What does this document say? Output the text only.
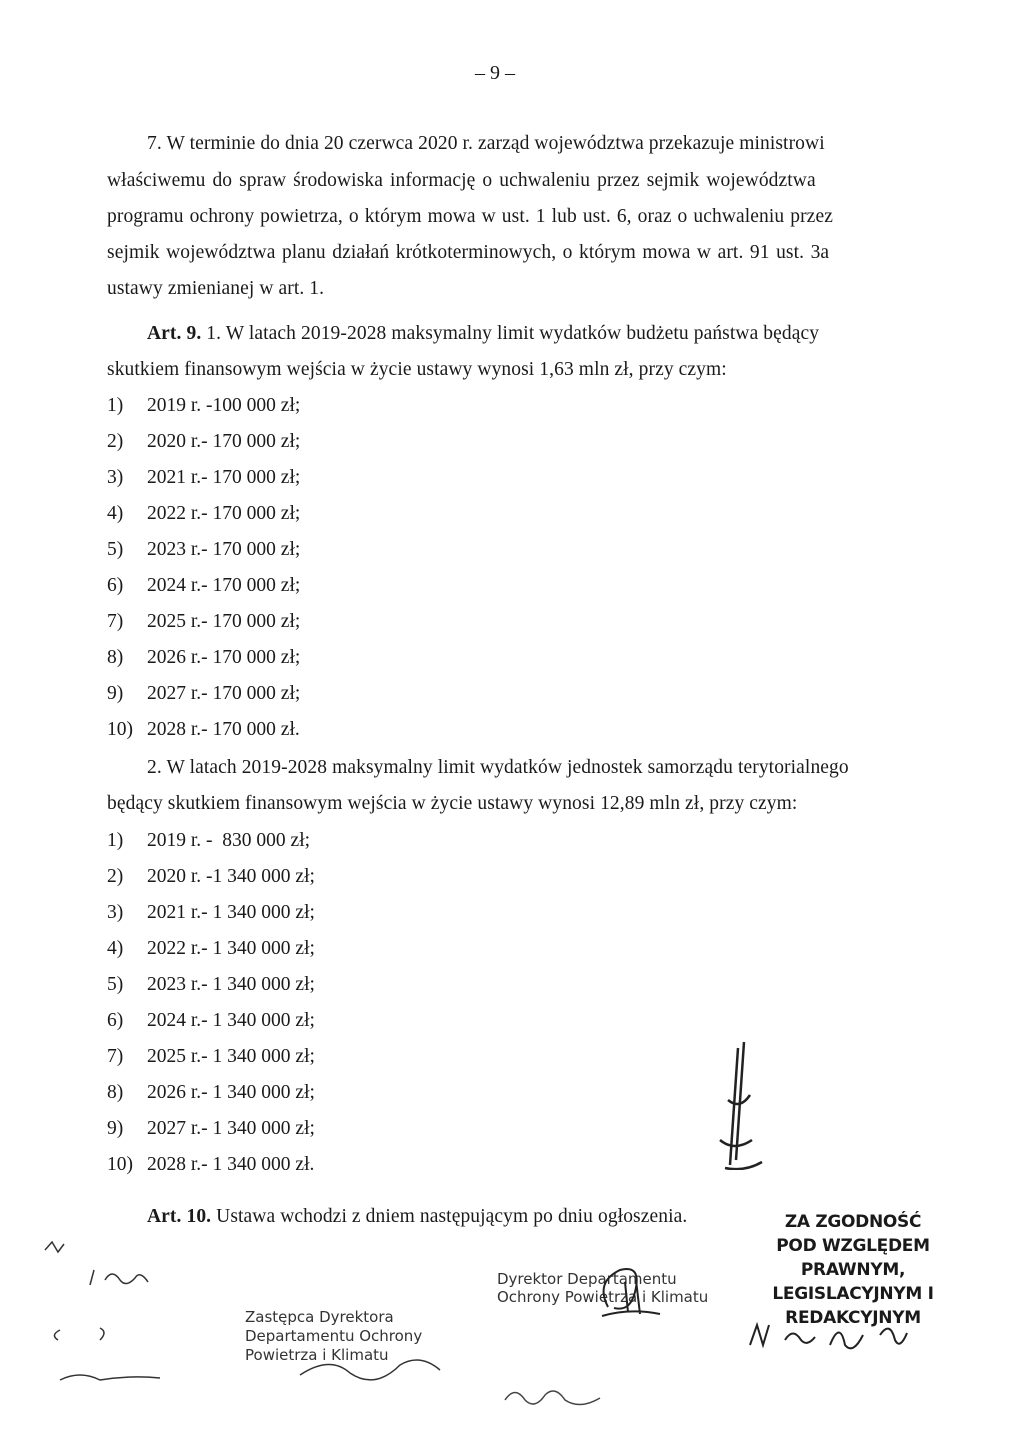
– 9 –
7. W terminie do dnia 20 czerwca 2020 r. zarząd województwa przekazuje ministrowi
właściwemu do spraw środowiska informację o uchwaleniu przez sejmik województwa
programu ochrony powietrza, o którym mowa w ust. 1 lub ust. 6, oraz o uchwaleniu przez
sejmik województwa planu działań krótkoterminowych, o którym mowa w art. 91 ust. 3a
ustawy zmienianej w art. 1.
Art. 9. 1. W latach 2019-2028 maksymalny limit wydatków budżetu państwa będący
skutkiem finansowym wejścia w życie ustawy wynosi 1,63 mln zł, przy czym:
1) 2019 r. -100 000 zł;
2) 2020 r.- 170 000 zł;
3) 2021 r.- 170 000 zł;
4) 2022 r.- 170 000 zł;
5) 2023 r.- 170 000 zł;
6) 2024 r.- 170 000 zł;
7) 2025 r.- 170 000 zł;
8) 2026 r.- 170 000 zł;
9) 2027 r.- 170 000 zł;
10) 2028 r.- 170 000 zł.
2. W latach 2019-2028 maksymalny limit wydatków jednostek samorządu terytorialnego
będący skutkiem finansowym wejścia w życie ustawy wynosi 12,89 mln zł, przy czym:
1) 2019 r. -  830 000 zł;
2) 2020 r. -1 340 000 zł;
3) 2021 r.- 1 340 000 zł;
4) 2022 r.- 1 340 000 zł;
5) 2023 r.- 1 340 000 zł;
6) 2024 r.- 1 340 000 zł;
7) 2025 r.- 1 340 000 zł;
8) 2026 r.- 1 340 000 zł;
9) 2027 r.- 1 340 000 zł;
10) 2028 r.- 1 340 000 zł.
Art. 10. Ustawa wchodzi z dniem następującym po dniu ogłoszenia.	ZA ZGODNOŚĆ
POD WZGLĘDEM PRAWNYM,
LEGISLACYJNYM I REDAKCYJNYM
Dyrektor Departamentu
Ochrony Powietrza i Klimatu
Zastępca Dyrektora
Departamentu Ochrony
Powietrza i Klimatu
